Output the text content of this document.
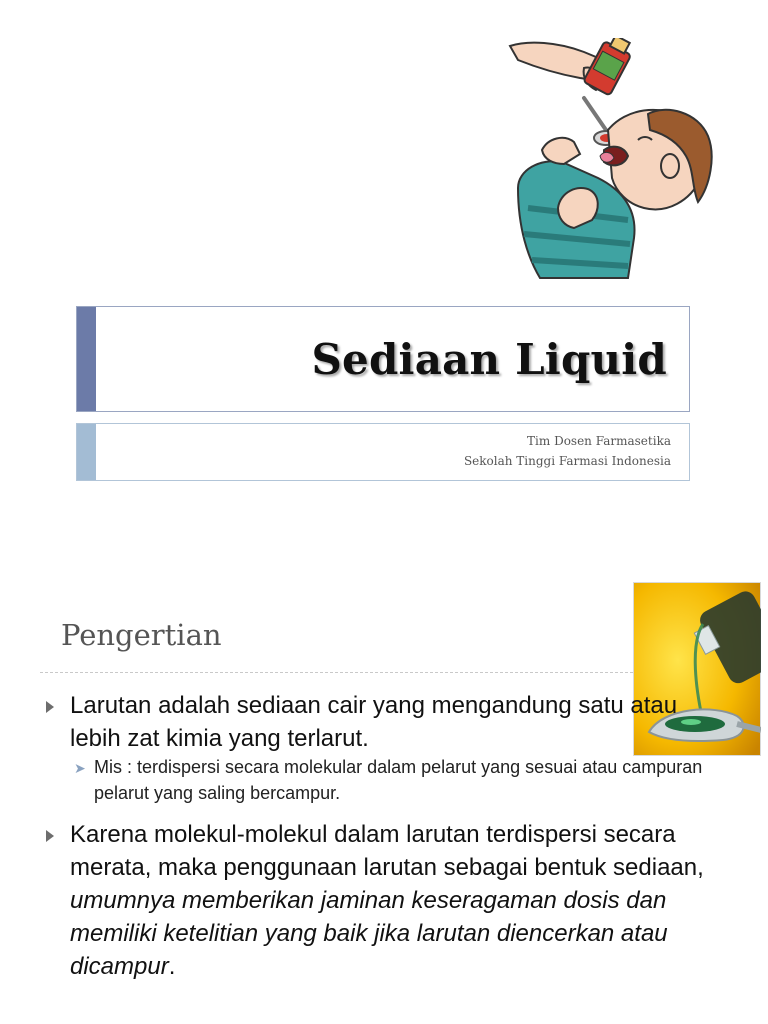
Sediaan Liquid
Tim Dosen Farmasetika
Sekolah Tinggi Farmasi Indonesia
Pengertian
Larutan adalah sediaan cair yang mengandung satu atau lebih zat kimia yang terlarut.
➤ Mis : terdispersi secara molekular dalam pelarut yang sesuai atau campuran pelarut yang saling bercampur.
Karena molekul-molekul dalam larutan terdispersi secara merata, maka penggunaan larutan sebagai bentuk sediaan, umumnya memberikan jaminan keseragaman dosis dan memiliki ketelitian yang baik jika larutan diencerkan atau dicampur.
